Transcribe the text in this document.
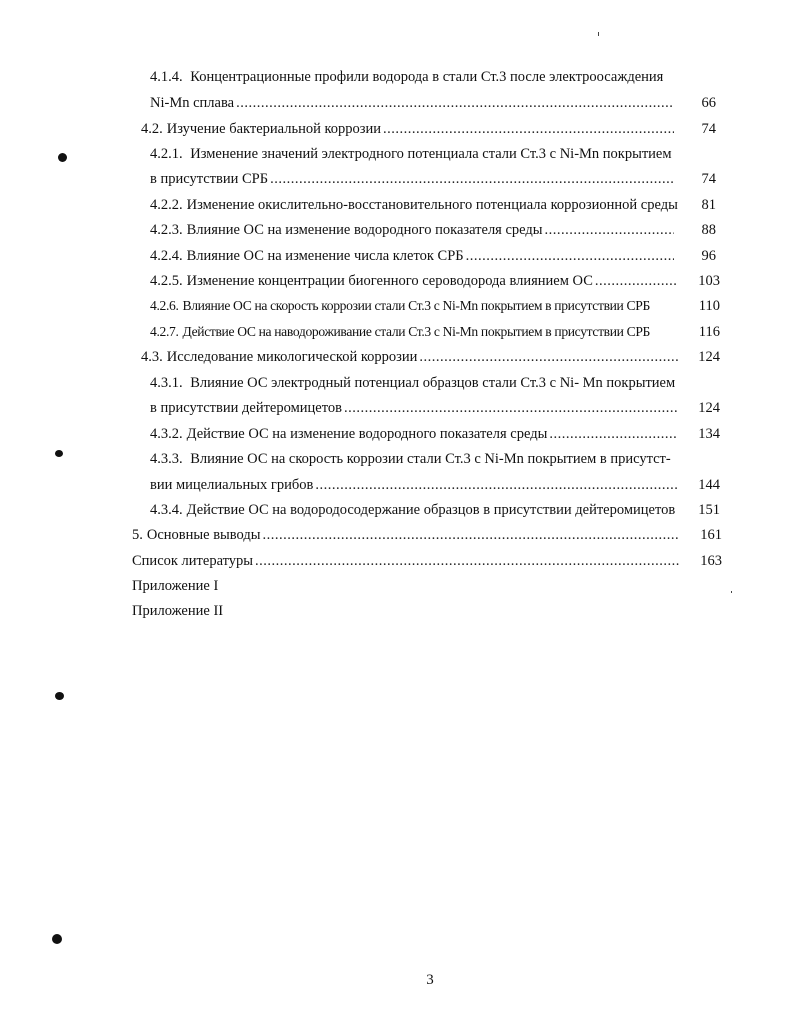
4.1.4. Концентрационные профили водорода в стали Ст.3 после электроосаждения
Ni-Mn сплава .....	66
4.2. Изучение бактериальной коррозии .....	74
4.2.1. Изменение значений электродного потенциала стали Ст.3 с Ni-Mn покрытием
в присутствии СРБ .....	74
4.2.2. Изменение окислительно-восстановительного потенциала коррозионной среды 81
4.2.3. Влияние ОС на изменение водородного показателя среды .....	88
4.2.4. Влияние ОС на изменение числа клеток СРБ .....	96
4.2.5. Изменение концентрации биогенного сероводорода влиянием ОС .....	103
4.2.6. Влияние ОС на скорость коррозии стали Ст.3 с Ni-Mn покрытием в присутствии СРБ	110
4.2.7. Действие ОС на наводороживание стали Ст.3 с Ni-Mn покрытием в присутствии СРБ	116
4.3. Исследование микологической коррозии .....	124
4.3.1. Влияние ОС электродный потенциал образцов стали Ст.3 с Ni- Mn покрытием
в присутствии дейтеромицетов .....	124
4.3.2. Действие ОС на изменение водородного показателя среды .....	134
4.3.3. Влияние ОС на скорость коррозии стали Ст.3 с Ni-Mn покрытием в присутст-
вии мицелиальных грибов .....	144
4.3.4. Действие ОС на водородосодержание образцов в присутствии дейтеромицетов 151
5. Основные выводы .....	161
Список литературы .....	163
Приложение I
Приложение II
3
